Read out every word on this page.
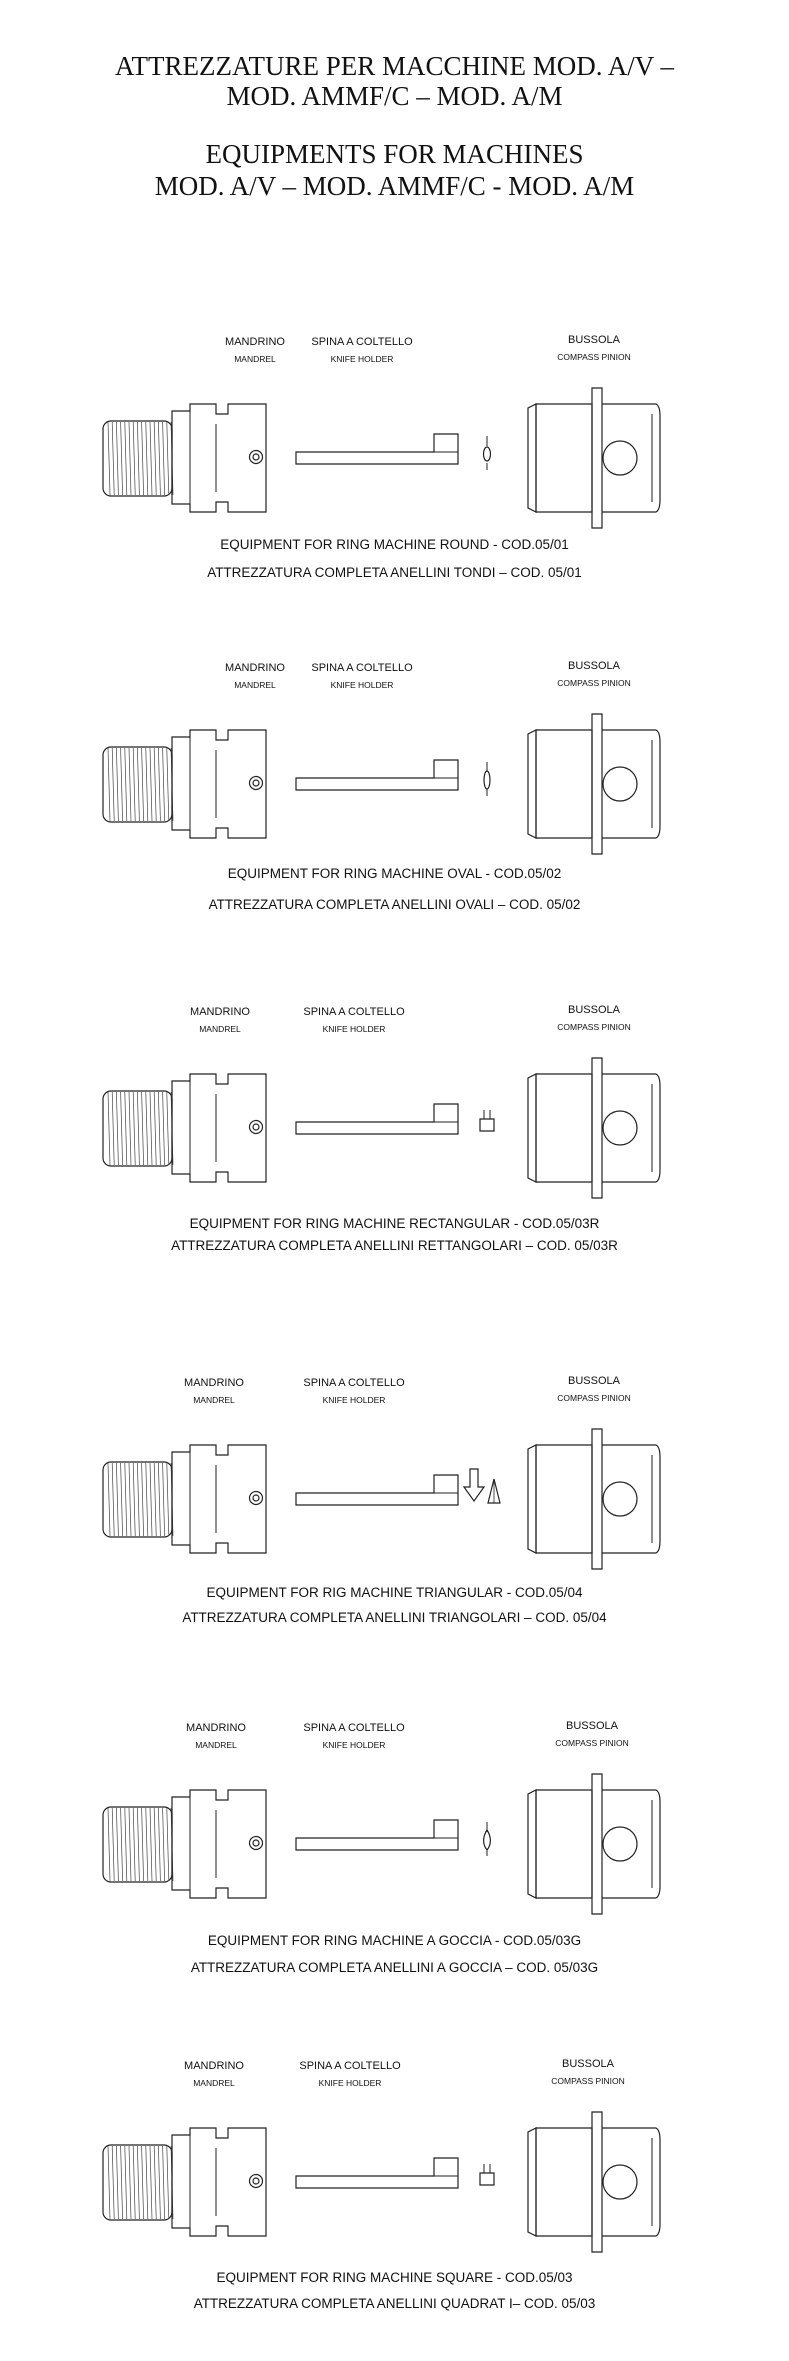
ATTREZZATURE PER MACCHINE MOD. A/V –
MOD. AMMF/C – MOD. A/M
EQUIPMENTS FOR MACHINES
MOD. A/V – MOD. AMMF/C - MOD. A/M
MANDRINO
MANDREL
SPINA A COLTELLO
KNIFE HOLDER
BUSSOLA
COMPASS PINION
EQUIPMENT FOR RING MACHINE ROUND - COD.05/01
ATTREZZATURA COMPLETA ANELLINI TONDI – COD. 05/01
MANDRINO
MANDREL
SPINA A COLTELLO
KNIFE HOLDER
BUSSOLA
COMPASS PINION
EQUIPMENT FOR RING MACHINE OVAL - COD.05/02
ATTREZZATURA COMPLETA ANELLINI OVALI – COD. 05/02
MANDRINO
MANDREL
SPINA A COLTELLO
KNIFE HOLDER
BUSSOLA
COMPASS PINION
EQUIPMENT FOR RING MACHINE RECTANGULAR - COD.05/03R
ATTREZZATURA COMPLETA ANELLINI RETTANGOLARI – COD. 05/03R
MANDRINO
MANDREL
SPINA A COLTELLO
KNIFE HOLDER
BUSSOLA
COMPASS PINION
EQUIPMENT FOR RIG MACHINE TRIANGULAR - COD.05/04
ATTREZZATURA COMPLETA ANELLINI TRIANGOLARI – COD. 05/04
MANDRINO
MANDREL
SPINA A COLTELLO
KNIFE HOLDER
BUSSOLA
COMPASS PINION
EQUIPMENT FOR RING MACHINE A GOCCIA - COD.05/03G
ATTREZZATURA COMPLETA ANELLINI A GOCCIA – COD. 05/03G
MANDRINO
MANDREL
SPINA A COLTELLO
KNIFE HOLDER
BUSSOLA
COMPASS PINION
EQUIPMENT FOR RING MACHINE SQUARE - COD.05/03
ATTREZZATURA COMPLETA ANELLINI QUADRAT I– COD. 05/03
